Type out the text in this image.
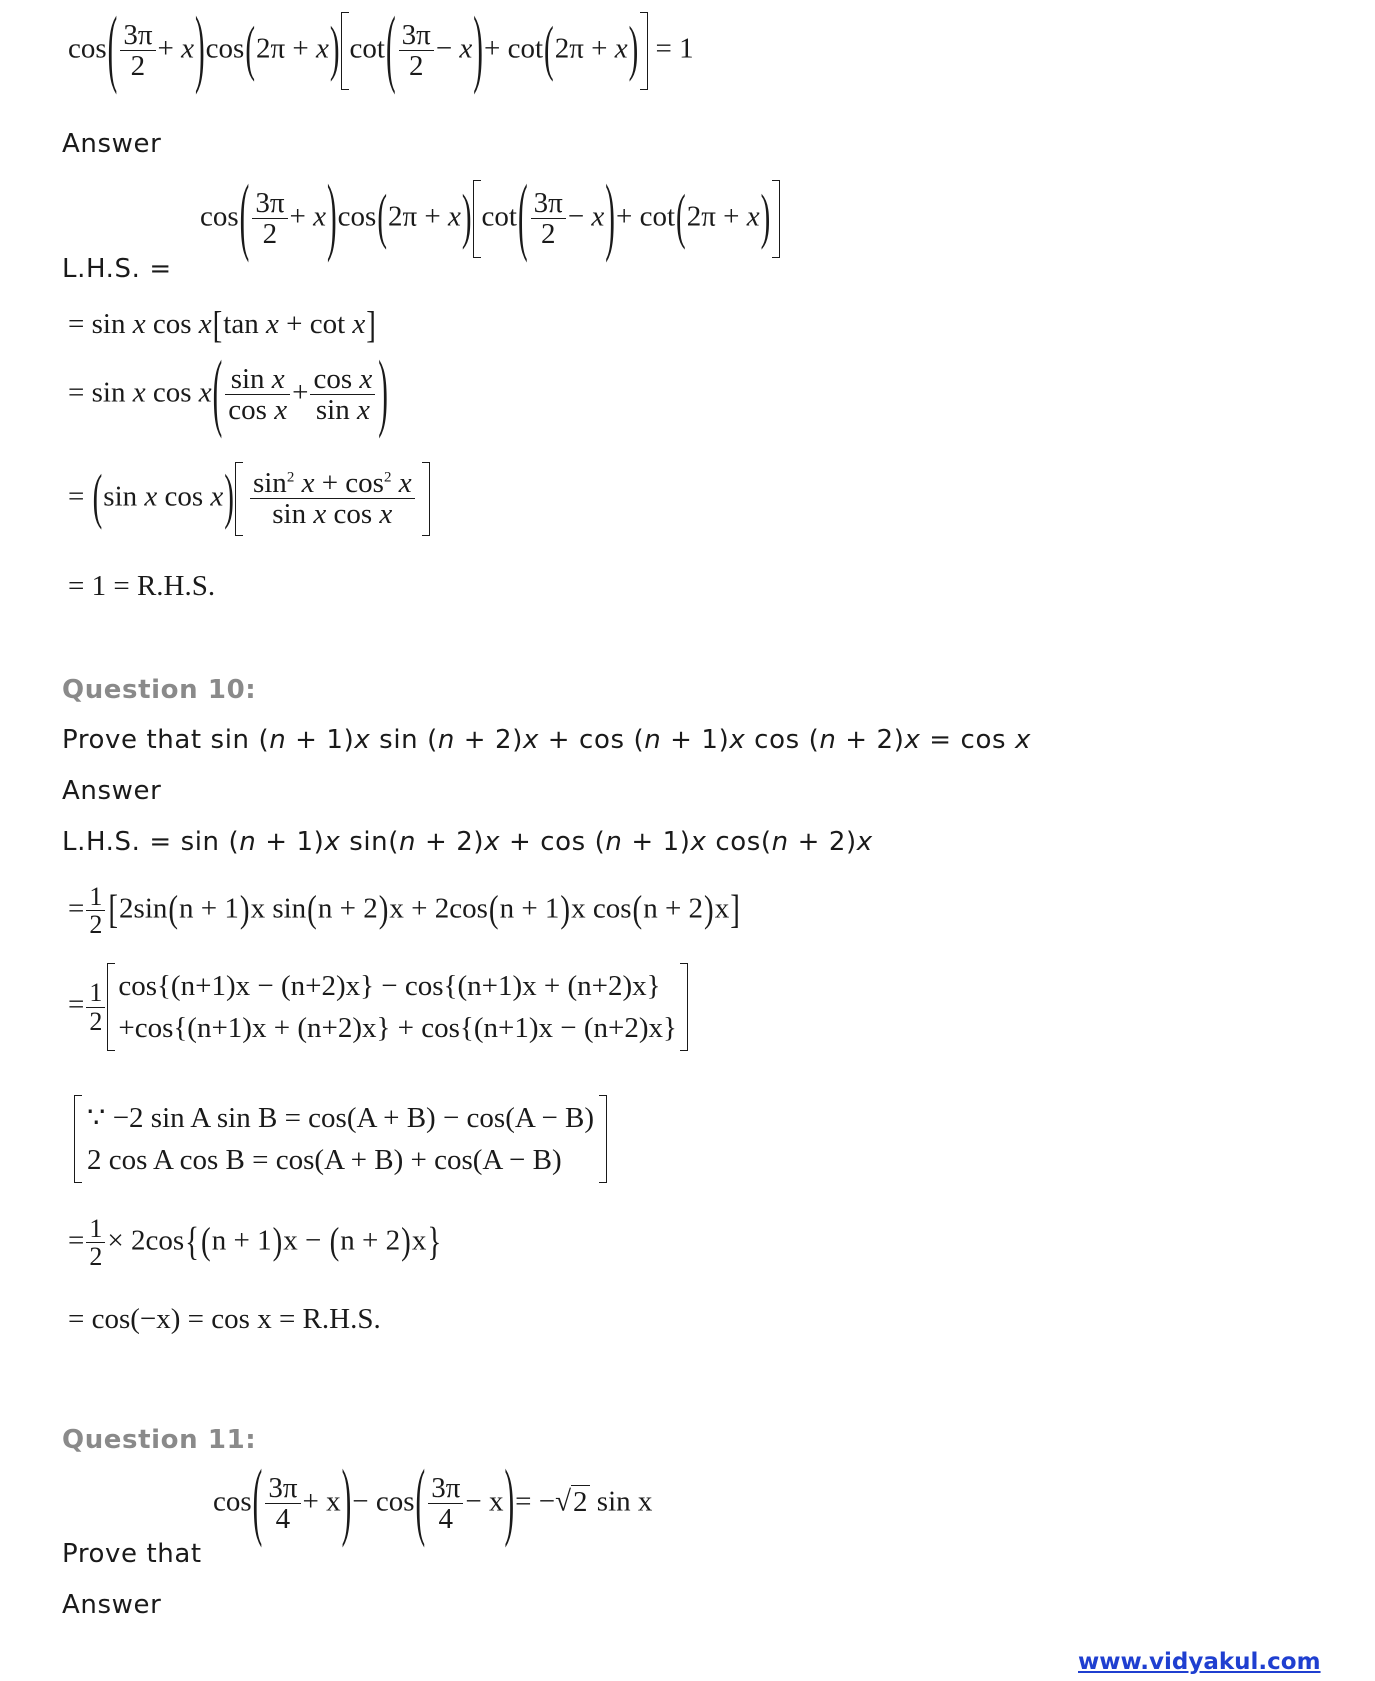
$\cos( \frac{3\pi}{2} + x)\cos(2\pi + x)$ $\cot( \frac{3\pi}{2} - x)+ \cot(2\pi + x) = 1$
Answer
$\cos( \frac{3\pi}{2} + x)\cos(2\pi + x)$ $\cot( \frac{3\pi}{2} - x)+ \cot(2\pi + x)$
L.H.S. =
= sin x cos x[tan x + cot x]
= sin x $\cos x( \frac{\text{sin x}}{\text{cos x}} + \frac{\text{cos x}}{\text{sin x}}$ )
= (sin x $\cos x) \frac{\sin^2 x + \cos^2 x}{\text{sin x cos x}}$
= 1 = R.H.S.
Question 10:
Prove that sin (n + 1)x sin (n + 2)x + cos (n + 1)x cos (n + 2)x = cos x
Answer
L.H.S. = sin (n + 1)x sin(n + 2)x + cos (n + 1)x cos(n + 2)x
= $\frac{1}{2} [2\sin(n + 1)x$ sin(n + 2)x + 2cos(n + 1)x cos(n + 2)x]
= $\frac{1}{2} \cos\{(n+1)x - (n+2)x\} - \cos\{(n+1)x + (n+2)x\}$
+cos{(n+1)x + (n+2)x} + cos{(n+1)x − (n+2)x}
∵ −2 sin A sin B = cos(A + B) − cos(A − B)
2 cos A cos B = cos(A + B) + cos(A − B)
= $\frac{1}{2} \times 2\cos\{(n + 1)x - (n + 2)x\}$
= cos(−x) = cos x = R.H.S.
Question 11:
$\cos( \frac{3\pi}{4} + x)- \cos( \frac{3\pi}{4} - x)= -√2$ sin x
Prove that
Answer
www.vidyakul.com
